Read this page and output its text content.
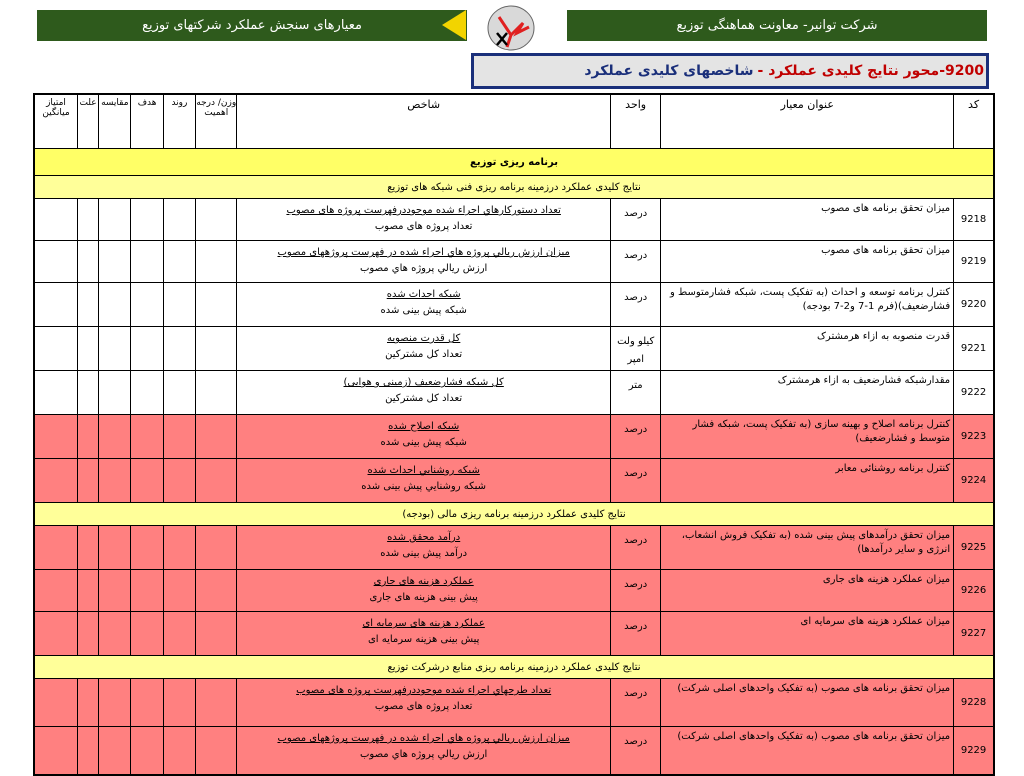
معیارهای سنجش عملکرد شرکتهای توزیع	شرکت توانیر- معاونت هماهنگی توزیع
9200-
محور نتایج کلیدی عملکرد -
شاخصهای کلیدی عملکرد
کد	عنوان معیار	واحد	شاخص	وزن/ درجه اهمیت	روند	هدف	مقایسه	علت	امتیاز میانگین
برنامه ریزی توزیع									
نتایج کلیدی عملکرد درزمینه برنامه ریزی فنی شبکه های توزیع									
9218	میزان تحقق برنامه های مصوب	درصد	تعداد دستورکارهاي اجراء شده موجوددرفهرست پروژه های مصوب
تعداد پروژه های مصوب						

9219	میزان تحقق برنامه های مصوب	درصد	ميزان ارزش ريالي پروژه هاي اجراء شده در فهرست پروژههای مصوب
ارزش ريالي پروژه هاي مصوب						

9220	کنترل برنامه توسعه و احداث (به تفکیک پست، شبکه فشارمتوسط و فشارضعیف)(فرم 1-7 و2-7 بودجه)	درصد	شبکه احداث شده
شبکه پیش بینی شده						

9221	قدرت منصوبه به ازاء هرمشترک	کیلو ولت امپر	کل قدرت منصوبه
تعداد کل مشترکین						

9222	مقدارشبکه فشارضعیف به ازاء هرمشترک	متر	کل شبکه فشارضعیف (زمینی و هوایی)
تعداد کل مشترکین						

9223	کنترل برنامه اصلاح و بهینه سازی (به تفکیک پست، شبکه فشار متوسط و فشارضعیف)	درصد	شبکه اصلاح شده
شبکه پیش بینی شده						

9224	کنترل برنامه روشنائی معابر	درصد	شبکه روشنایي احداث شده
شبکه روشنایي پیش بینی شده						

نتایج کلیدی عملکرد درزمینه برنامه ریزی مالی (بودجه)									
9225	میزان تحقق درآمدهای پیش بینی شده (به تفکیک فروش انشعاب، انرژی و سایر درآمدها)	درصد	درآمد محقق شده
درآمد پیش بینی شده						

9226	میزان عملکرد هزینه های جاری	درصد	عملکرد هزینه های جاری
پیش بینی هزینه های جاری						

9227	میزان عملکرد هزینه های سرمایه ای	درصد	عملکرد هزینه های سرمایه ای
پیش بینی هزینه سرمایه ای						

نتایج کلیدی عملکرد درزمینه برنامه ریزی منابع درشرکت توزیع									
9228	میزان تحقق برنامه های مصوب (به تفکیک واحدهای اصلی شرکت)	درصد	تعداد طرحهاي اجراء شده موجوددرفهرست پروژه های مصوب
تعداد پروژه های مصوب						

9229	میزان تحقق برنامه های مصوب (به تفکیک واحدهای اصلی شرکت)	درصد	ميزان ارزش ريالي پروژه هاي اجراء شده در فهرست پروژههای مصوب
ارزش ريالي پروژه هاي مصوب						
